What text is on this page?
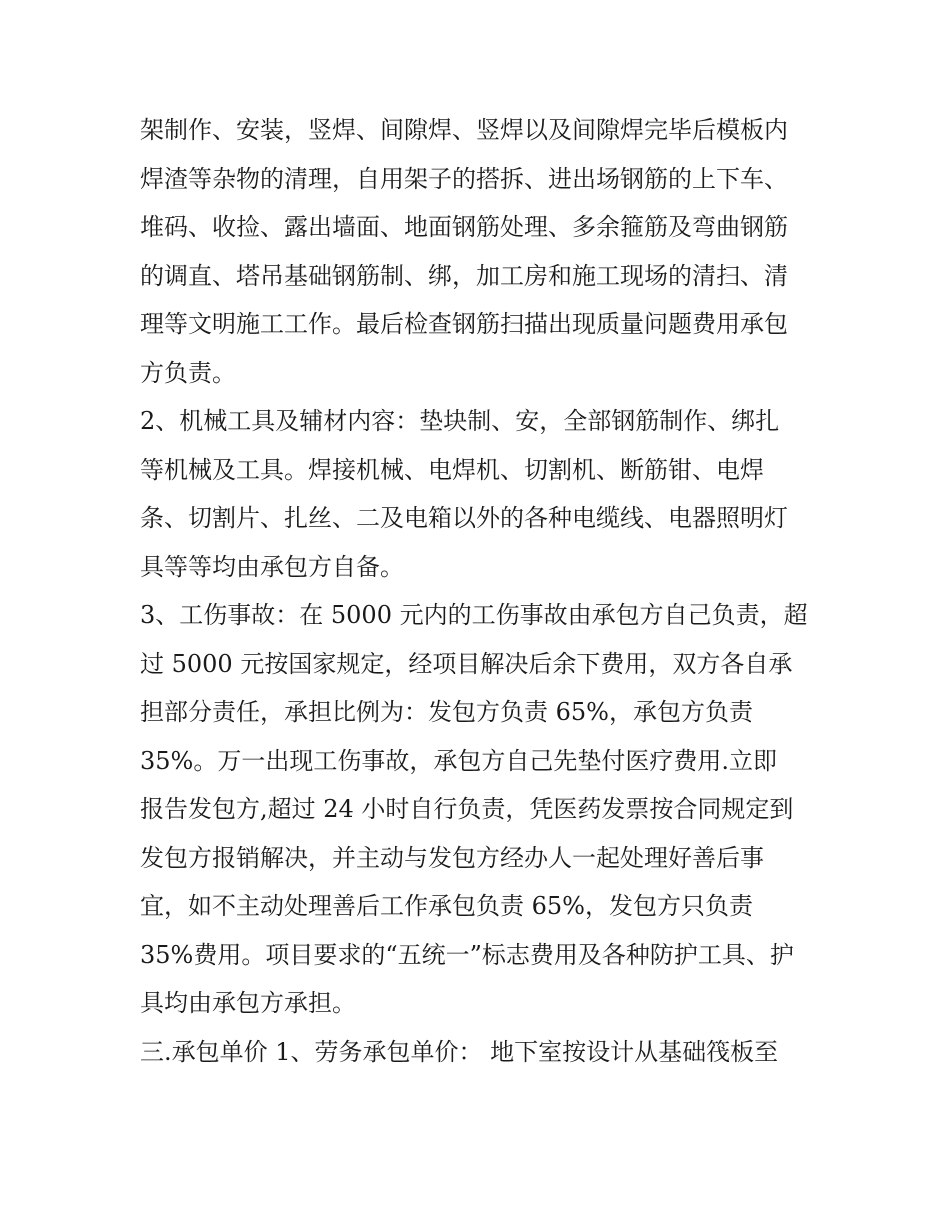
架制作、安装，竖焊、间隙焊、竖焊以及间隙焊完毕后模板内
焊渣等杂物的清理，自用架子的搭拆、进出场钢筋的上下车、
堆码、收捡、露出墙面、地面钢筋处理、多余箍筋及弯曲钢筋
的调直、塔吊基础钢筋制、绑，加工房和施工现场的清扫、清
理等文明施工工作。最后检查钢筋扫描出现质量问题费用承包
方负责。
2、机械工具及辅材内容：垫块制、安，全部钢筋制作、绑扎
等机械及工具。焊接机械、电焊机、切割机、断筋钳、电焊
条、切割片、扎丝、二及电箱以外的各种电缆线、电器照明灯
具等等均由承包方自备。
3、工伤事故：在 5000 元内的工伤事故由承包方自己负责，超
过 5000 元按国家规定，经项目解决后余下费用，双方各自承
担部分责任，承担比例为：发包方负责 65%，承包方负责
35%。万一出现工伤事故，承包方自己先垫付医疗费用.立即
报告发包方,超过 24 小时自行负责，凭医药发票按合同规定到
发包方报销解决，并主动与发包方经办人一起处理好善后事
宜，如不主动处理善后工作承包负责 65%，发包方只负责
35%费用。项目要求的“五统一”标志费用及各种防护工具、护
具均由承包方承担。
三.承包单价 1、劳务承包单价： 地下室按设计从基础筏板至
